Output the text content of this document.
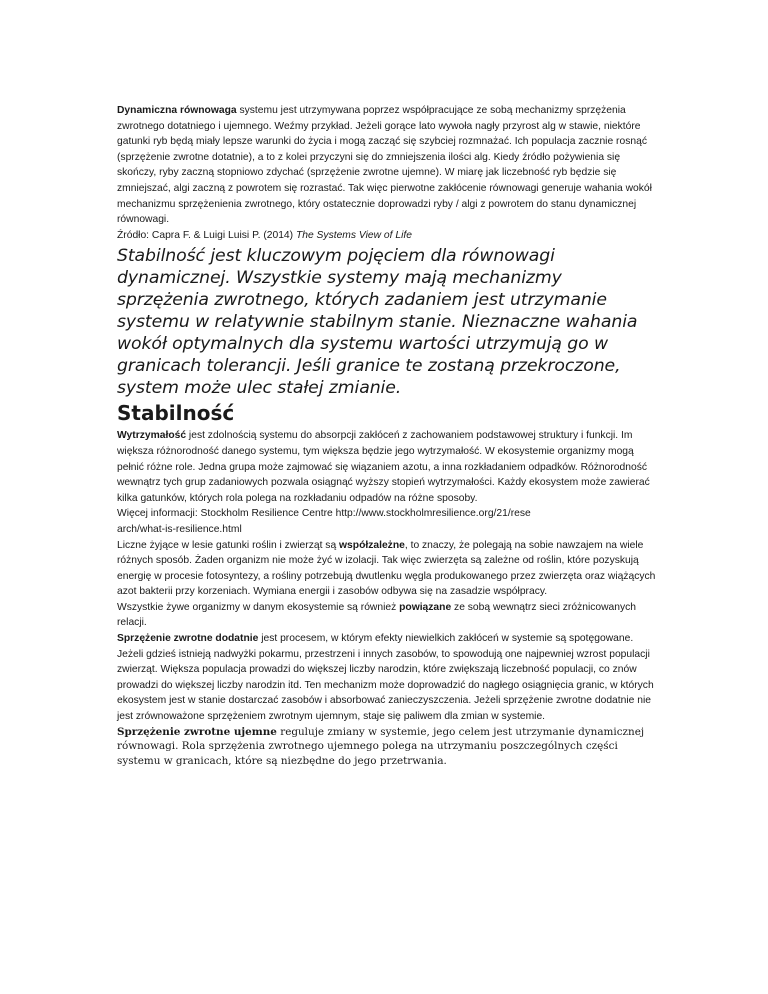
Dynamiczna równowaga systemu jest utrzymywana poprzez współpracujące ze sobą mechanizmy sprzężenia zwrotnego dotatniego i ujemnego. Weźmy przykład. Jeżeli gorące lato wywoła nagły przyrost alg w stawie, niektóre gatunki ryb będą miały lepsze warunki do życia i mogą zacząć się szybciej rozmnażać. Ich populacja zacznie rosnąć (sprzężenie zwrotne dotatnie), a to z kolei przyczyni się do zmniejszenia ilości alg. Kiedy źródło pożywienia się skończy, ryby zaczną stopniowo zdychać (sprzężenie zwrotne ujemne). W miarę jak liczebność ryb będzie się zmniejszać, algi zaczną z powrotem się rozrastać. Tak więc pierwotne zakłócenie równowagi generuje wahania wokół mechanizmu sprzężenienia zwrotnego, który ostatecznie doprowadzi ryby / algi z powrotem do stanu dynamicznej równowagi.

Źródło: Capra F. & Luigi Luisi P. (2014) The Systems View of Life

Stabilność jest kluczowym pojęciem dla równowagi dynamicznej. Wszystkie systemy mają mechanizmy sprzężenia zwrotnego, których zadaniem jest utrzymanie systemu w relatywnie stabilnym stanie. Nieznaczne wahania wokół optymalnych dla systemu wartości utrzymują go w granicach tolerancji. Jeśli granice te zostaną przekroczone, system może ulec stałej zmianie.

Stabilność

Wytrzymałość jest zdolnością systemu do absorpcji zakłóceń z zachowaniem podstawowej struktury i funkcji. Im większa różnorodność danego systemu, tym większa będzie jego wytrzymałość. W ekosystemie organizmy mogą pełnić różne role. Jedna grupa może zajmować się wiązaniem azotu, a inna rozkładaniem odpadków. Różnorodność wewnątrz tych grup zadaniowych pozwala osiągnąć wyższy stopień wytrzymałości. Każdy ekosystem może zawierać kilka gatunków, których rola polega na rozkładaniu odpadów na różne sposoby.

Więcej informacji: Stockholm Resilience Centre http://www.stockholmresilience.org/21/rese

arch/what-is-resilience.html

Liczne żyjące w lesie gatunki roślin i zwierząt są współzależne, to znaczy, że polegają na sobie nawzajem na wiele różnych sposób. Żaden organizm nie może żyć w izolacji. Tak więc zwierzęta są zależne od roślin, które pozyskują energię w procesie fotosyntezy, a rośliny potrzebują dwutlenku węgla produkowanego przez zwierzęta oraz wiążących azot bakterii przy korzeniach. Wymiana energii i zasobów odbywa się na zasadzie współpracy.

Wszystkie żywe organizmy w danym ekosystemie są również powiązane ze sobą wewnątrz sieci zróżnicowanych relacji.

Sprzężenie zwrotne dodatnie jest procesem, w którym efekty niewielkich zakłóceń w systemie są spotęgowane. Jeżeli gdzieś istnieją nadwyżki pokarmu, przestrzeni i innych zasobów, to spowodują one najpewniej wzrost populacji zwierząt. Większa populacja prowadzi do większej liczby narodzin, które zwiększają liczebność populacji, co znów prowadzi do większej liczby narodzin itd. Ten mechanizm może doprowadzić do nagłego osiągnięcia granic, w których ekosystem jest w stanie dostarczać zasobów i absorbować zanieczyszczenia. Jeżeli sprzężenie zwrotne dodatnie nie jest zrównoważone sprzężeniem zwrotnym ujemnym, staje się paliwem dla zmian w systemie.

Sprzężenie zwrotne ujemne reguluje zmiany w systemie, jego celem jest utrzymanie dynamicznej równowagi. Rola sprzężenia zwrotnego ujemnego polega na utrzymaniu poszczególnych części systemu w granicach, które są niezbędne do jego przetrwania.
